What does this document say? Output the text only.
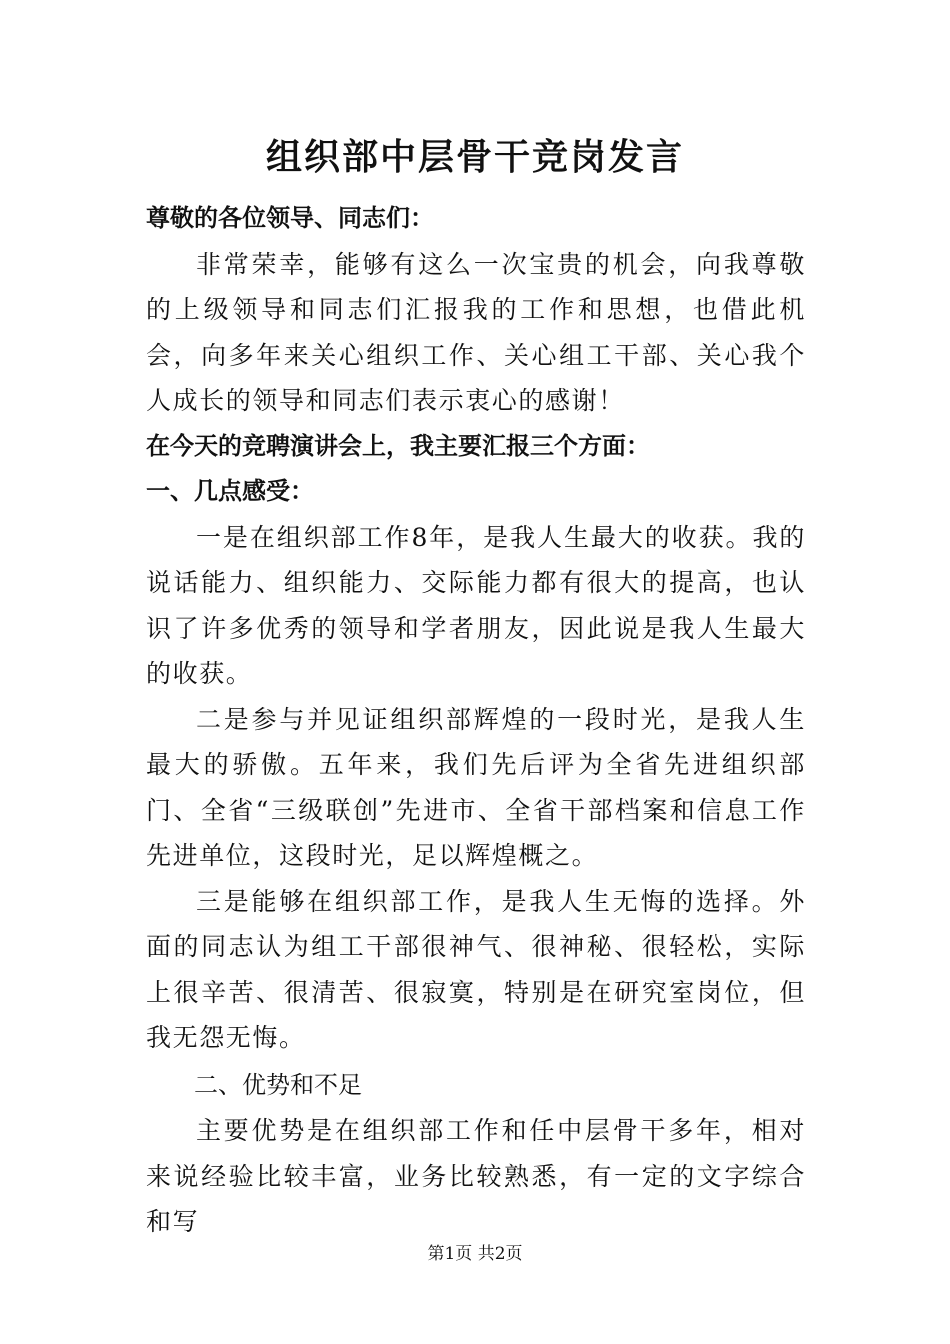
组织部中层骨干竞岗发言

尊敬的各位领导、同志们：

非常荣幸，能够有这么一次宝贵的机会，向我尊敬的上级领导和同志们汇报我的工作和思想，也借此机会，向多年来关心组织工作、关心组工干部、关心我个人成长的领导和同志们表示衷心的感谢！

在今天的竞聘演讲会上，我主要汇报三个方面：

一、几点感受：

一是在组织部工作8年，是我人生最大的收获。我的说话能力、组织能力、交际能力都有很大的提高，也认识了许多优秀的领导和学者朋友，因此说是我人生最大的收获。

二是参与并见证组织部辉煌的一段时光，是我人生最大的骄傲。五年来，我们先后评为全省先进组织部门、全省“三级联创”先进市、全省干部档案和信息工作先进单位，这段时光，足以辉煌概之。

三是能够在组织部工作，是我人生无悔的选择。外面的同志认为组工干部很神气、很神秘、很轻松，实际上很辛苦、很清苦、很寂寞，特别是在研究室岗位，但我无怨无悔。

二、优势和不足

主要优势是在组织部工作和任中层骨干多年，相对来说经验比较丰富，业务比较熟悉，有一定的文字综合和写

第1页 共2页
